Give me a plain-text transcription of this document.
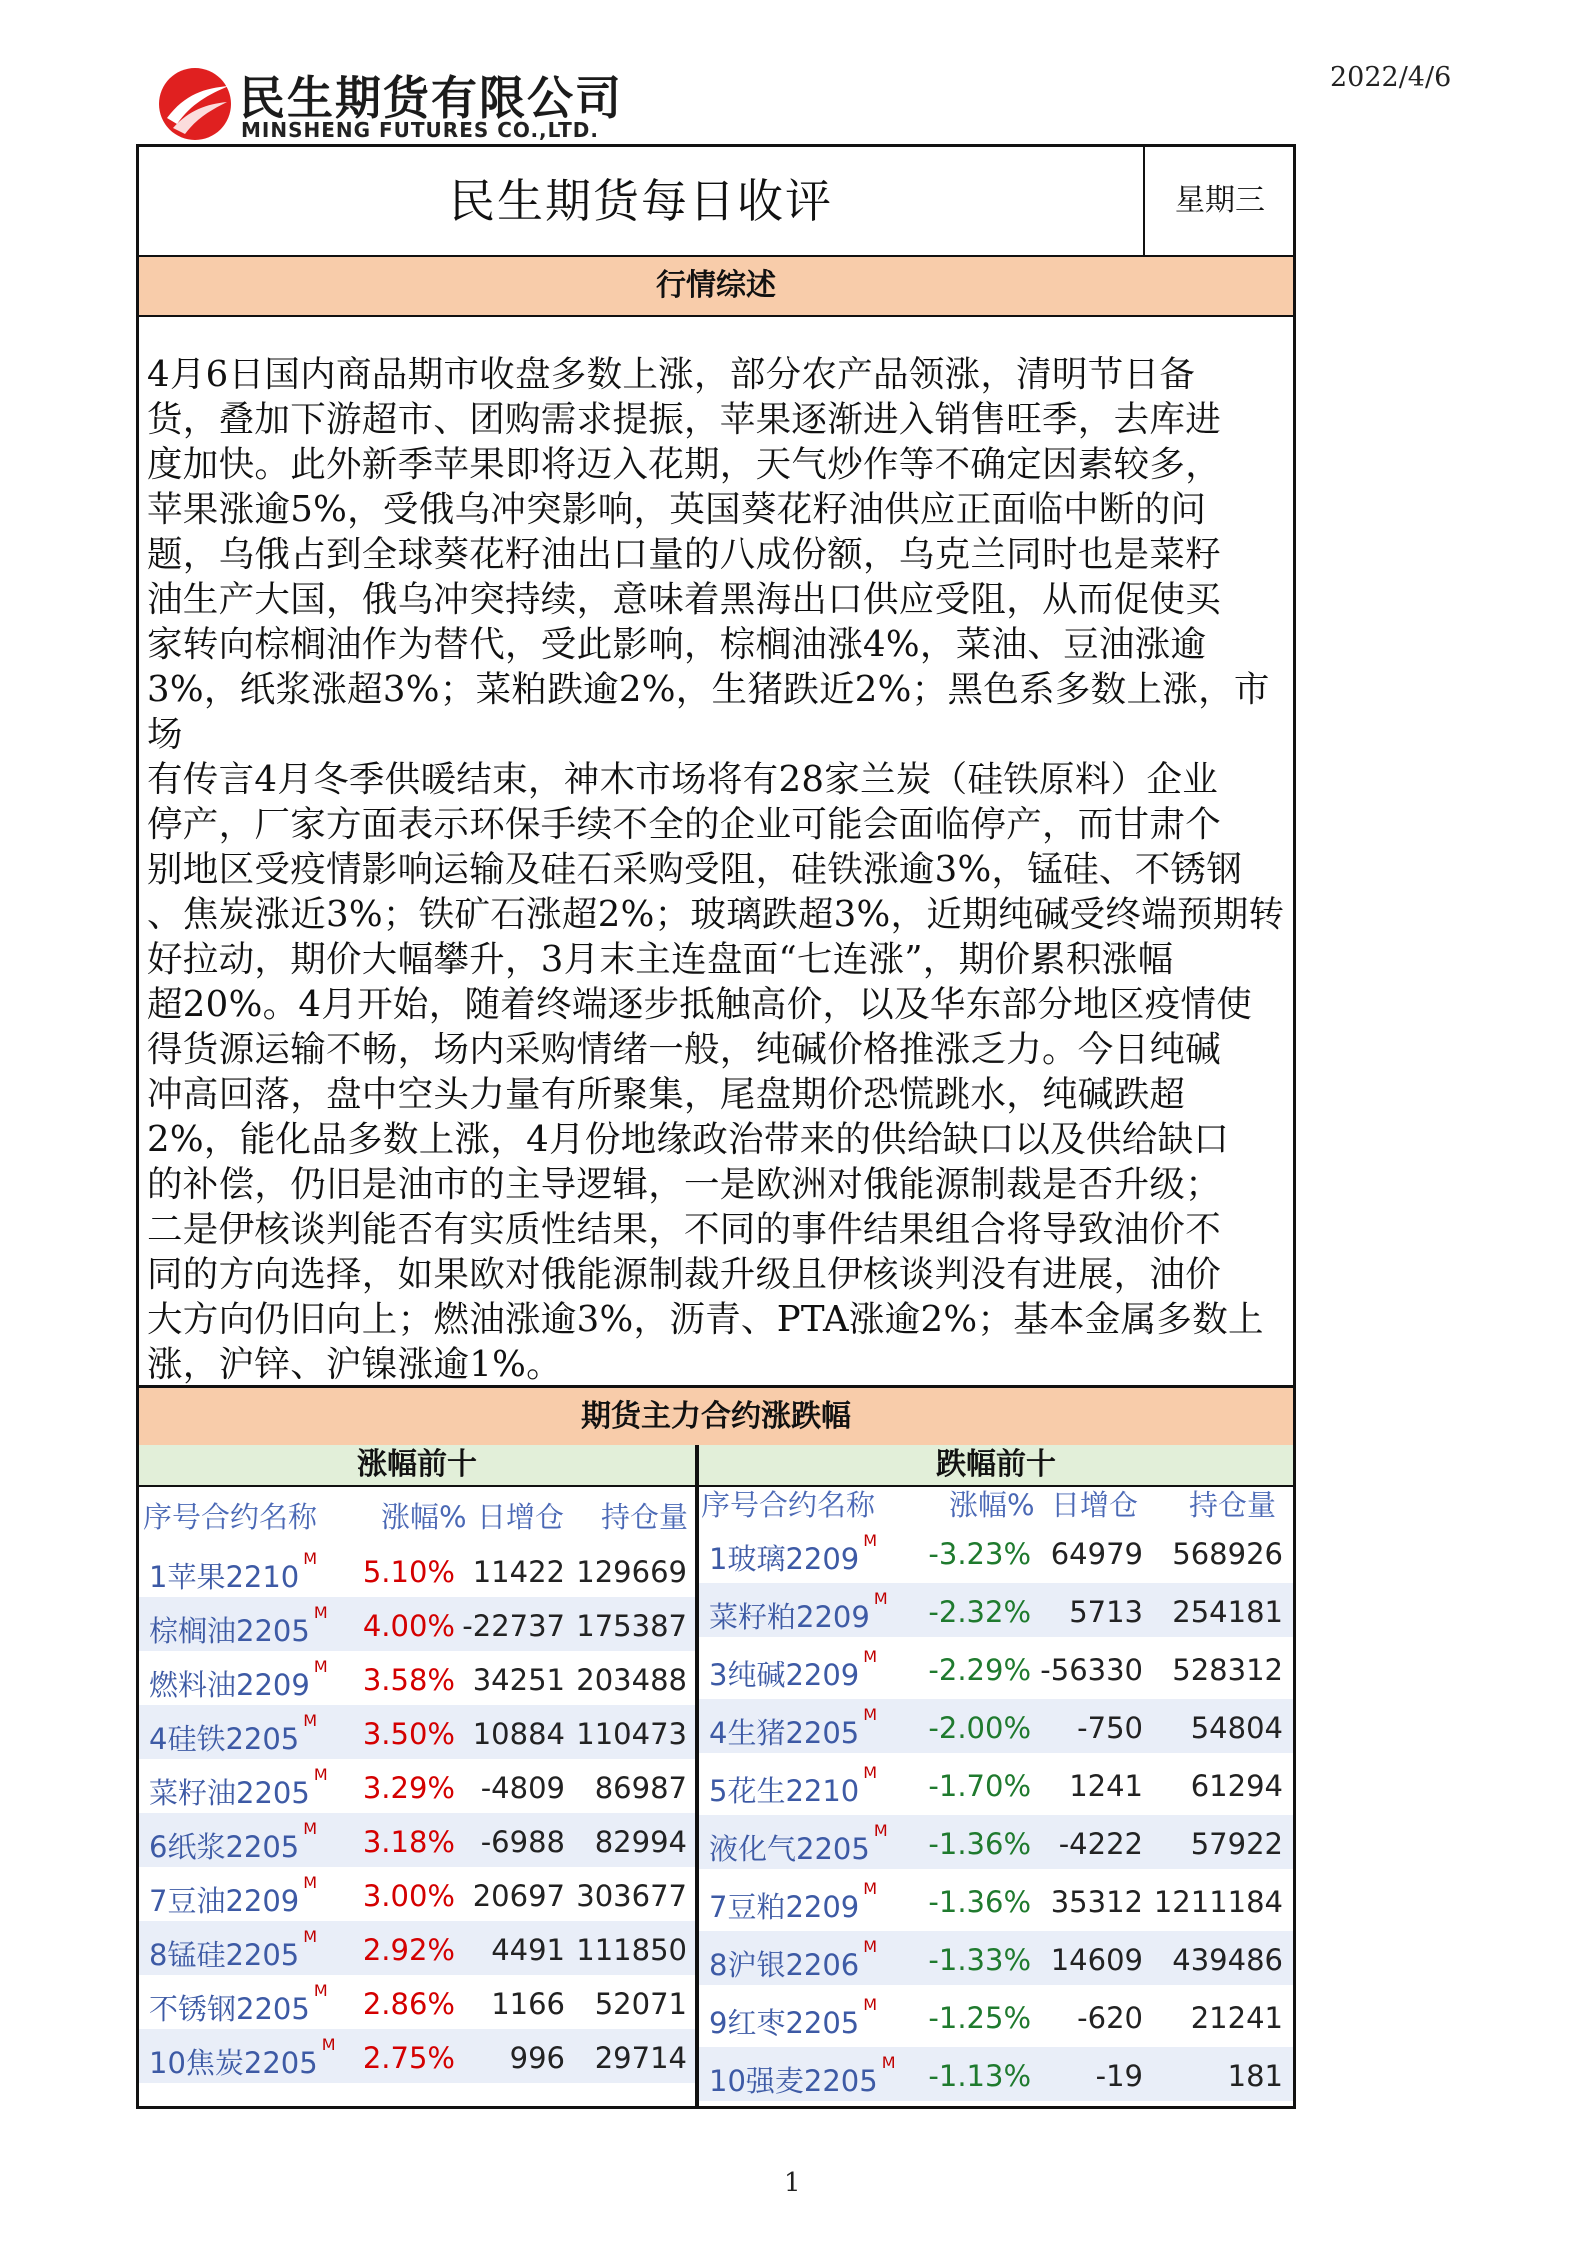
民生期货有限公司
MINSHENG FUTURES CO.,LTD.
2022/4/6
民生期货每日收评	星期三
行情综述
4月6日国内商品期市收盘多数上涨，部分农产品领涨，清明节日备
货，叠加下游超市、团购需求提振，苹果逐渐进入销售旺季，去库进
度加快。此外新季苹果即将迈入花期，天气炒作等不确定因素较多，
苹果涨逾5%，受俄乌冲突影响，英国葵花籽油供应正面临中断的问
题，乌俄占到全球葵花籽油出口量的八成份额，乌克兰同时也是菜籽
油生产大国，俄乌冲突持续，意味着黑海出口供应受阻，从而促使买
家转向棕榈油作为替代，受此影响，棕榈油涨4%，菜油、豆油涨逾
3%，纸浆涨超3%；菜粕跌逾2%，生猪跌近2%；黑色系多数上涨，市场
有传言4月冬季供暖结束，神木市场将有28家兰炭（硅铁原料）企业
停产，厂家方面表示环保手续不全的企业可能会面临停产，而甘肃个
别地区受疫情影响运输及硅石采购受阻，硅铁涨逾3%，锰硅、不锈钢
、焦炭涨近3%；铁矿石涨超2%；玻璃跌超3%，近期纯碱受终端预期转
好拉动，期价大幅攀升，3月末主连盘面“七连涨”，期价累积涨幅
超20%。4月开始，随着终端逐步抵触高价，以及华东部分地区疫情使
得货源运输不畅，场内采购情绪一般，纯碱价格推涨乏力。今日纯碱
冲高回落，盘中空头力量有所聚集，尾盘期价恐慌跳水，纯碱跌超
2%，能化品多数上涨，4月份地缘政治带来的供给缺口以及供给缺口
的补偿，仍旧是油市的主导逻辑，一是欧洲对俄能源制裁是否升级；
二是伊核谈判能否有实质性结果，不同的事件结果组合将导致油价不
同的方向选择，如果欧对俄能源制裁升级且伊核谈判没有进展，油价
大方向仍旧向上；燃油涨逾3%，沥青、PTA涨逾2%；基本金属多数上
涨，沪锌、沪镍涨逾1%。
期货主力合约涨跌幅
涨幅前十
序号合约名称 涨幅% 日增仓 持仓量
1苹果$2210^M$ 5.10% 11422 129669
棕榈油$2205^M$ 4.00% -22737 175387
燃料油$2209^M$ 3.58% 34251 203488
4硅铁$2205^M$ 3.50% 10884 110473
菜籽油$2205^M$ 3.29% -4809 86987
6纸浆$2205^M$ 3.18% -6988 82994
7豆油$2209^M$ 3.00% 20697 303677
8锰硅$2205^M$ 2.92% 4491 111850
不锈钢$2205^M$ 2.86% 1166 52071
10焦炭$2205^M$ 2.75% 996 29714
跌幅前十
序号合约名称	涨幅% 日增仓 持仓量
1玻璃$2209^M$ -3.23% 64979 568926
菜籽粕$2209^M$ -2.32% 5713 254181
3纯碱$2209^M$ -2.29% -56330 528312
4生猪$2205^M$ -2.00% -750 54804
5花生$2210^M$ -1.70% 1241 61294
液化气$2205^M$ -1.36% -4222 57922
7豆粕$2209^M$ -1.36% 35312 1211184
8沪银$2206^M$ -1.33% 14609 439486
9红枣$2205^M$ -1.25% -620 21241
10强麦$2205^M$ -1.13% -19	181
1
